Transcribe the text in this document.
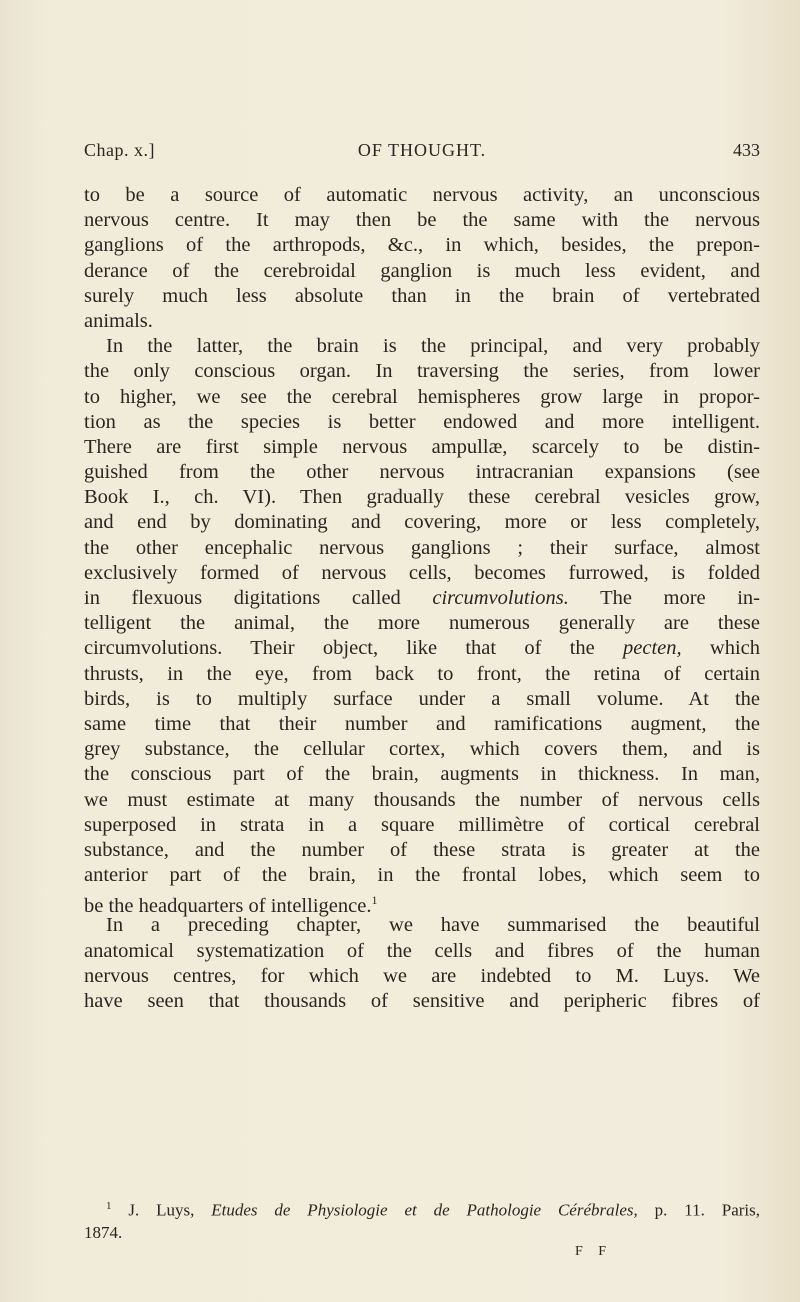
Chap. x.]	OF THOUGHT.	433
to be a source of automatic nervous activity, an unconscious
nervous centre. It may then be the same with the nervous
ganglions of the arthropods, &c., in which, besides, the prepon-
derance of the cerebroidal ganglion is much less evident, and
surely much less absolute than in the brain of vertebrated
animals.
In the latter, the brain is the principal, and very probably
the only conscious organ. In traversing the series, from lower
to higher, we see the cerebral hemispheres grow large in propor-
tion as the species is better endowed and more intelligent.
There are first simple nervous ampullæ, scarcely to be distin-
guished from the other nervous intracranian expansions (see
Book I., ch. VI). Then gradually these cerebral vesicles grow,
and end by dominating and covering, more or less completely,
the other encephalic nervous ganglions ; their surface, almost
exclusively formed of nervous cells, becomes furrowed, is folded
in flexuous digitations called circumvolutions. The more in-
telligent the animal, the more numerous generally are these
circumvolutions. Their object, like that of the pecten, which
thrusts, in the eye, from back to front, the retina of certain
birds, is to multiply surface under a small volume. At the
same time that their number and ramifications augment, the
grey substance, the cellular cortex, which covers them, and is
the conscious part of the brain, augments in thickness. In man,
we must estimate at many thousands the number of nervous cells
superposed in strata in a square millimètre of cortical cerebral
substance, and the number of these strata is greater at the
anterior part of the brain, in the frontal lobes, which seem to
be the headquarters of intelligence.$^1$
In a preceding chapter, we have summarised the beautiful
anatomical systematization of the cells and fibres of the human
nervous centres, for which we are indebted to M. Luys. We
have seen that thousands of sensitive and peripheric fibres of
$^1$ J. Luys, Etudes de Physiologie et de Pathologie Cérébrales, p. 11. Paris,
1874.
F F
